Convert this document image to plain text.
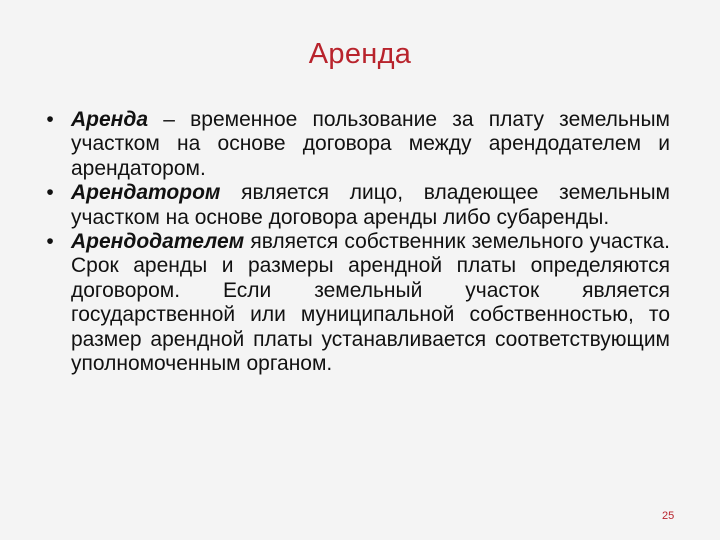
Аренда
• Аренда – временное пользование за плату земельным участком на основе договора между арендодателем и арендатором.
• Арендатором является лицо, владеющее земельным участком на основе договора аренды либо субаренды.
• Арендодателем является собственник земельного участка. Срок аренды и размеры арендной платы определяются договором. Если земельный участок является государственной или муниципальной собственностью, то размер арендной платы устанавливается соответствующим уполномоченным органом.
25
